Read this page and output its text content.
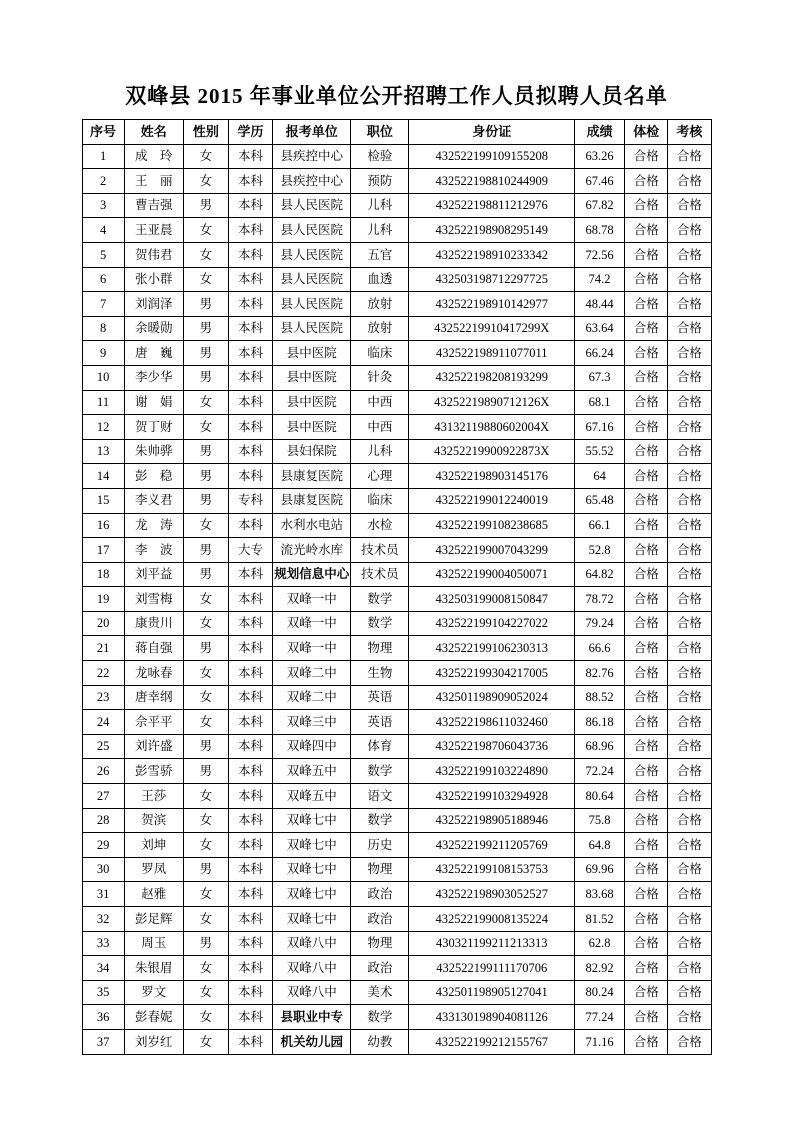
双峰县 2015 年事业单位公开招聘工作人员拟聘人员名单
序号	姓名	性别	学历	报考单位	职位	身份证	成绩	体检	考核
1	成　玲	女	本科	县疾控中心	检验	432522199109155208	63.26	合格	合格
2	王　丽	女	本科	县疾控中心	预防	432522198810244909	67.46	合格	合格
3	曹吉强	男	本科	县人民医院	儿科	432522198811212976	67.82	合格	合格
4	王亚晨	女	本科	县人民医院	儿科	432522198908295149	68.78	合格	合格
5	贺伟君	女	本科	县人民医院	五官	432522198910233342	72.56	合格	合格
6	张小群	女	本科	县人民医院	血透	432503198712297725	74.2	合格	合格
7	刘润泽	男	本科	县人民医院	放射	432522198910142977	48.44	合格	合格
8	余暖勋	男	本科	县人民医院	放射	43252219910417299X	63.64	合格	合格
9	唐　巍	男	本科	县中医院	临床	432522198911077011	66.24	合格	合格
10	李少华	男	本科	县中医院	针灸	432522198208193299	67.3	合格	合格
11	谢　娟	女	本科	县中医院	中西	43252219890712126X	68.1	合格	合格
12	贺丁财	女	本科	县中医院	中西	43132119880602004X	67.16	合格	合格
13	朱帅骅	男	本科	县妇保院	儿科	43252219900922873X	55.52	合格	合格
14	彭　稳	男	本科	县康复医院	心理	432522198903145176	64	合格	合格
15	李义君	男	专科	县康复医院	临床	432522199012240019	65.48	合格	合格
16	龙　涛	女	本科	水利水电站	水检	432522199108238685	66.1	合格	合格
17	李　波	男	大专	流光岭水库	技术员	432522199007043299	52.8	合格	合格
18	刘平益	男	本科	规划信息中心	技术员	432522199004050071	64.82	合格	合格
19	刘雪梅	女	本科	双峰一中	数学	432503199008150847	78.72	合格	合格
20	康贵川	女	本科	双峰一中	数学	432522199104227022	79.24	合格	合格
21	蒋自强	男	本科	双峰一中	物理	432522199106230313	66.6	合格	合格
22	龙咏春	女	本科	双峰二中	生物	432522199304217005	82.76	合格	合格
23	唐幸纲	女	本科	双峰二中	英语	432501198909052024	88.52	合格	合格
24	佘平平	女	本科	双峰三中	英语	432522198611032460	86.18	合格	合格
25	刘许盛	男	本科	双峰四中	体育	432522198706043736	68.96	合格	合格
26	彭雪骄	男	本科	双峰五中	数学	432522199103224890	72.24	合格	合格
27	王莎	女	本科	双峰五中	语文	432522199103294928	80.64	合格	合格
28	贺滨	女	本科	双峰七中	数学	432522198905188946	75.8	合格	合格
29	刘坤	女	本科	双峰七中	历史	432522199211205769	64.8	合格	合格
30	罗凤	男	本科	双峰七中	物理	432522199108153753	69.96	合格	合格
31	赵雅	女	本科	双峰七中	政治	432522198903052527	83.68	合格	合格
32	彭足辉	女	本科	双峰七中	政治	432522199008135224	81.52	合格	合格
33	周玉	男	本科	双峰八中	物理	430321199211213313	62.8	合格	合格
34	朱银眉	女	本科	双峰八中	政治	432522199111170706	82.92	合格	合格
35	罗文	女	本科	双峰八中	美术	432501198905127041	80.24	合格	合格
36	彭春妮	女	本科	县职业中专	数学	433130198904081126	77.24	合格	合格
37	刘岁红	女	本科	机关幼儿园	幼教	432522199212155767	71.16	合格	合格
